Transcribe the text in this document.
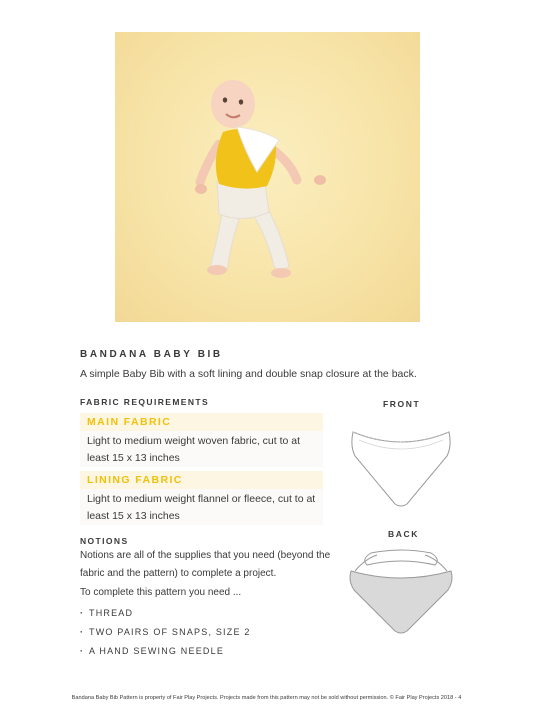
BANDANA BABY BIB
A simple Baby Bib with a soft lining and double snap closure at the back.
FABRIC REQUIREMENTS
MAIN FABRIC
Light to medium weight woven fabric, cut to at least 15 x 13 inches
LINING FABRIC
Light to medium weight flannel or fleece, cut to at least 15 x 13 inches
NOTIONS
Notions are all of the supplies that you need (beyond the fabric and the pattern) to complete a project.
To complete this pattern you need ...
· THREAD
· TWO PAIRS OF SNAPS, SIZE 2
· A HAND SEWING NEEDLE
FRONT
BACK
Bandana Baby Bib Pattern is property of Fair Play Projects. Projects made from this pattern may not be sold without permission. © Fair Play Projects 2018 - 4
